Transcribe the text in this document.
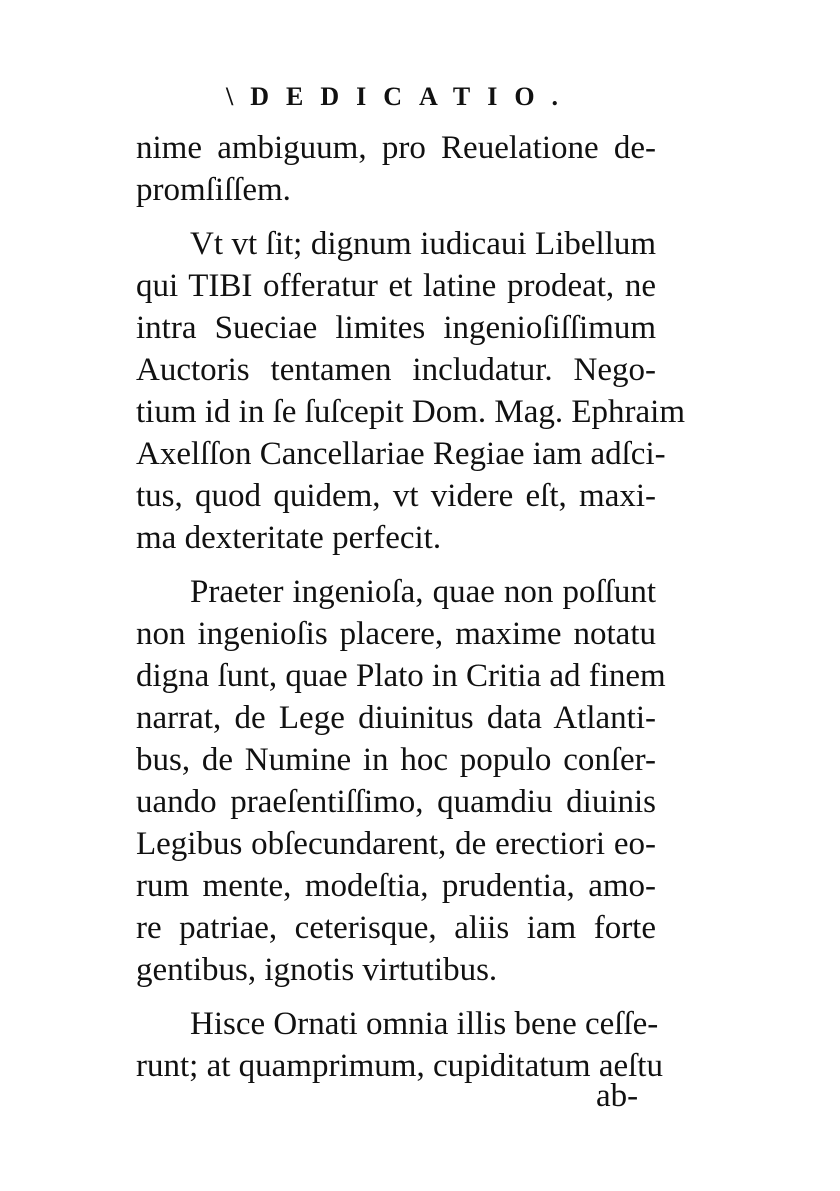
\DEDICATIO.
nime ambiguum, pro Reuelatione de-
promſiſſem.
Vt vt ſit; dignum iudicaui Libellum
qui TIBI offeratur et latine prodeat, ne
intra Sueciae limites ingenioſiſſimum
Auctoris tentamen includatur. Nego-
tium id in ſe ſuſcepit Dom. Mag. Ephraim
Axelſſon Cancellariae Regiae iam adſci-
tus, quod quidem, vt videre eſt, maxi-
ma dexteritate perfecit.
Praeter ingenioſa, quae non poſſunt
non ingenioſis placere, maxime notatu
digna ſunt, quae Plato in Critia ad finem
narrat, de Lege diuinitus data Atlanti-
bus, de Numine in hoc populo conſer-
uando praeſentiſſimo, quamdiu diuinis
Legibus obſecundarent, de erectiori eo-
rum mente, modeſtia, prudentia, amo-
re patriae, ceterisque, aliis iam forte
gentibus, ignotis virtutibus.
Hisce Ornati omnia illis bene ceſſe-
runt; at quamprimum, cupiditatum aeſtu
ab-
